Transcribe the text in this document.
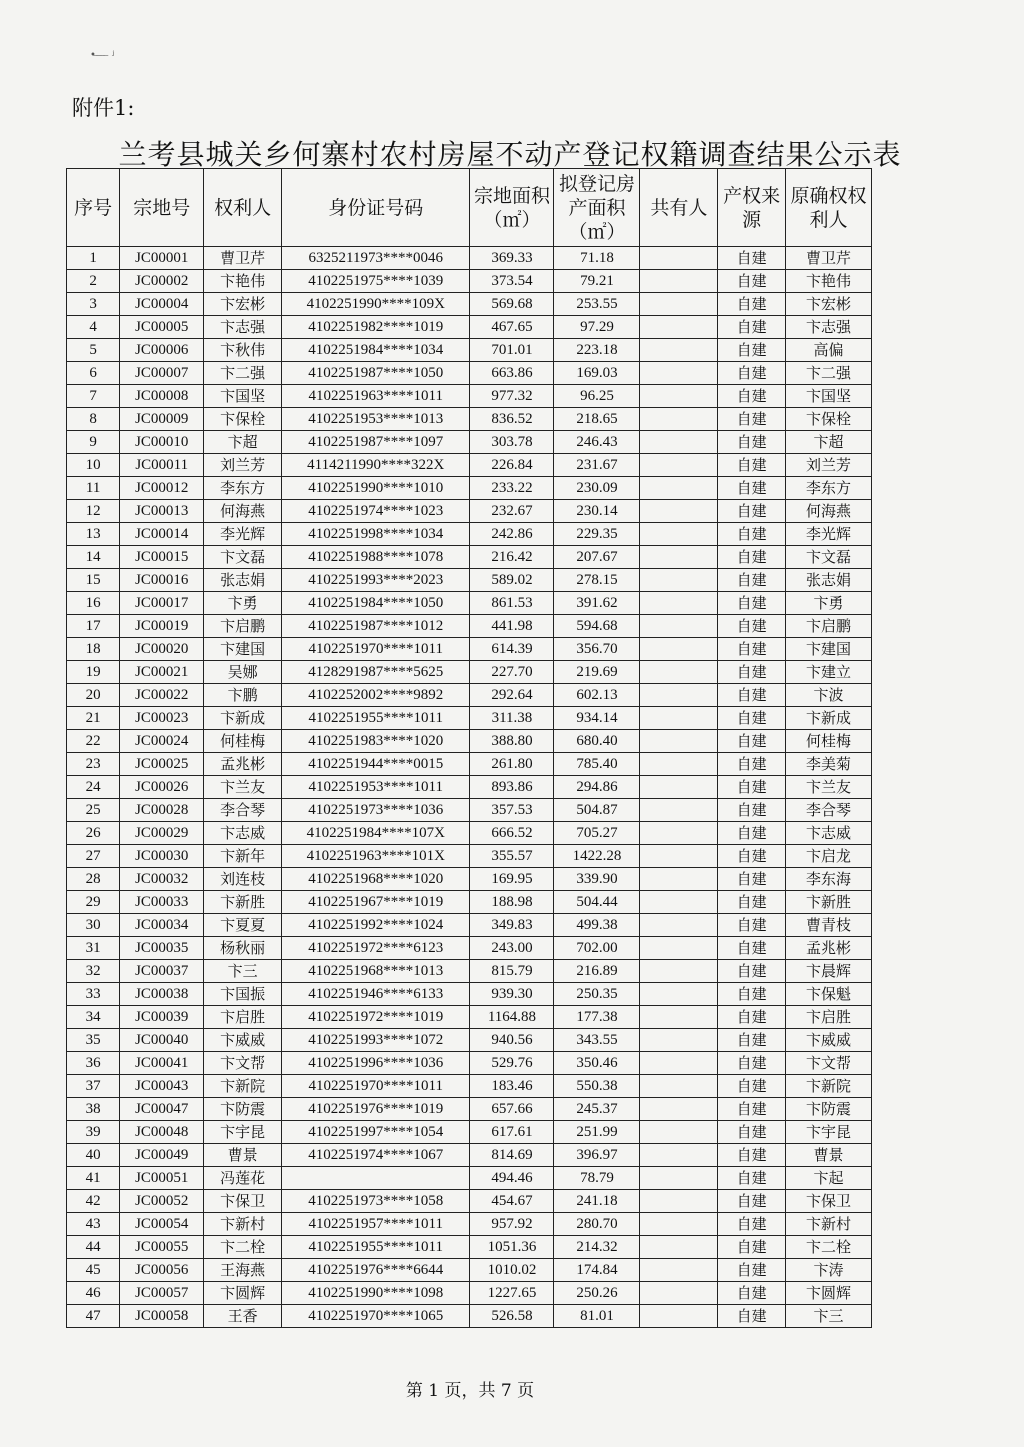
• ̶ ̶ ̶ ̶ ʲ
附件1:
兰考县城关乡何寨村农村房屋不动产登记权籍调查结果公示表
序号	宗地号	权利人	身份证号码	宗地面积（㎡）	拟登记房产面积（㎡）	共有人	产权来源	原确权权利人
1	JC00001	曹卫芹	6325211973****0046	369.33	71.18		自建	曹卫芹
2	JC00002	卞艳伟	4102251975****1039	373.54	79.21		自建	卞艳伟
3	JC00004	卞宏彬	4102251990****109X	569.68	253.55		自建	卞宏彬
4	JC00005	卞志强	4102251982****1019	467.65	97.29		自建	卞志强
5	JC00006	卞秋伟	4102251984****1034	701.01	223.18		自建	高偏
6	JC00007	卞二强	4102251987****1050	663.86	169.03		自建	卞二强
7	JC00008	卞国坚	4102251963****1011	977.32	96.25		自建	卞国坚
8	JC00009	卞保栓	4102251953****1013	836.52	218.65		自建	卞保栓
9	JC00010	卞超	4102251987****1097	303.78	246.43		自建	卞超
10	JC00011	刘兰芳	4114211990****322X	226.84	231.67		自建	刘兰芳
11	JC00012	李东方	4102251990****1010	233.22	230.09		自建	李东方
12	JC00013	何海燕	4102251974****1023	232.67	230.14		自建	何海燕
13	JC00014	李光辉	4102251998****1034	242.86	229.35		自建	李光辉
14	JC00015	卞文磊	4102251988****1078	216.42	207.67		自建	卞文磊
15	JC00016	张志娟	4102251993****2023	589.02	278.15		自建	张志娟
16	JC00017	卞勇	4102251984****1050	861.53	391.62		自建	卞勇
17	JC00019	卞启鹏	4102251987****1012	441.98	594.68		自建	卞启鹏
18	JC00020	卞建国	4102251970****1011	614.39	356.70		自建	卞建国
19	JC00021	吴娜	4128291987****5625	227.70	219.69		自建	卞建立
20	JC00022	卞鹏	4102252002****9892	292.64	602.13		自建	卞波
21	JC00023	卞新成	4102251955****1011	311.38	934.14		自建	卞新成
22	JC00024	何桂梅	4102251983****1020	388.80	680.40		自建	何桂梅
23	JC00025	孟兆彬	4102251944****0015	261.80	785.40		自建	李美菊
24	JC00026	卞兰友	4102251953****1011	893.86	294.86		自建	卞兰友
25	JC00028	李合琴	4102251973****1036	357.53	504.87		自建	李合琴
26	JC00029	卞志威	4102251984****107X	666.52	705.27		自建	卞志威
27	JC00030	卞新年	4102251963****101X	355.57	1422.28		自建	卞启龙
28	JC00032	刘连枝	4102251968****1020	169.95	339.90		自建	李东海
29	JC00033	卞新胜	4102251967****1019	188.98	504.44		自建	卞新胜
30	JC00034	卞夏夏	4102251992****1024	349.83	499.38		自建	曹青枝
31	JC00035	杨秋丽	4102251972****6123	243.00	702.00		自建	孟兆彬
32	JC00037	卞三	4102251968****1013	815.79	216.89		自建	卞晨辉
33	JC00038	卞国振	4102251946****6133	939.30	250.35		自建	卞保魁
34	JC00039	卞启胜	4102251972****1019	1164.88	177.38		自建	卞启胜
35	JC00040	卞威威	4102251993****1072	940.56	343.55		自建	卞威威
36	JC00041	卞文帮	4102251996****1036	529.76	350.46		自建	卞文帮
37	JC00043	卞新院	4102251970****1011	183.46	550.38		自建	卞新院
38	JC00047	卞防震	4102251976****1019	657.66	245.37		自建	卞防震
39	JC00048	卞宇昆	4102251997****1054	617.61	251.99		自建	卞宇昆
40	JC00049	曹景	4102251974****1067	814.69	396.97		自建	曹景
41	JC00051	冯莲花		494.46	78.79		自建	卞起
42	JC00052	卞保卫	4102251973****1058	454.67	241.18		自建	卞保卫
43	JC00054	卞新村	4102251957****1011	957.92	280.70		自建	卞新村
44	JC00055	卞二栓	4102251955****1011	1051.36	214.32		自建	卞二栓
45	JC00056	王海燕	4102251976****6644	1010.02	174.84		自建	卞涛
46	JC00057	卞圆辉	4102251990****1098	1227.65	250.26		自建	卞圆辉
47	JC00058	王香	4102251970****1065	526.58	81.01		自建	卞三
第 1 页，共 7 页
